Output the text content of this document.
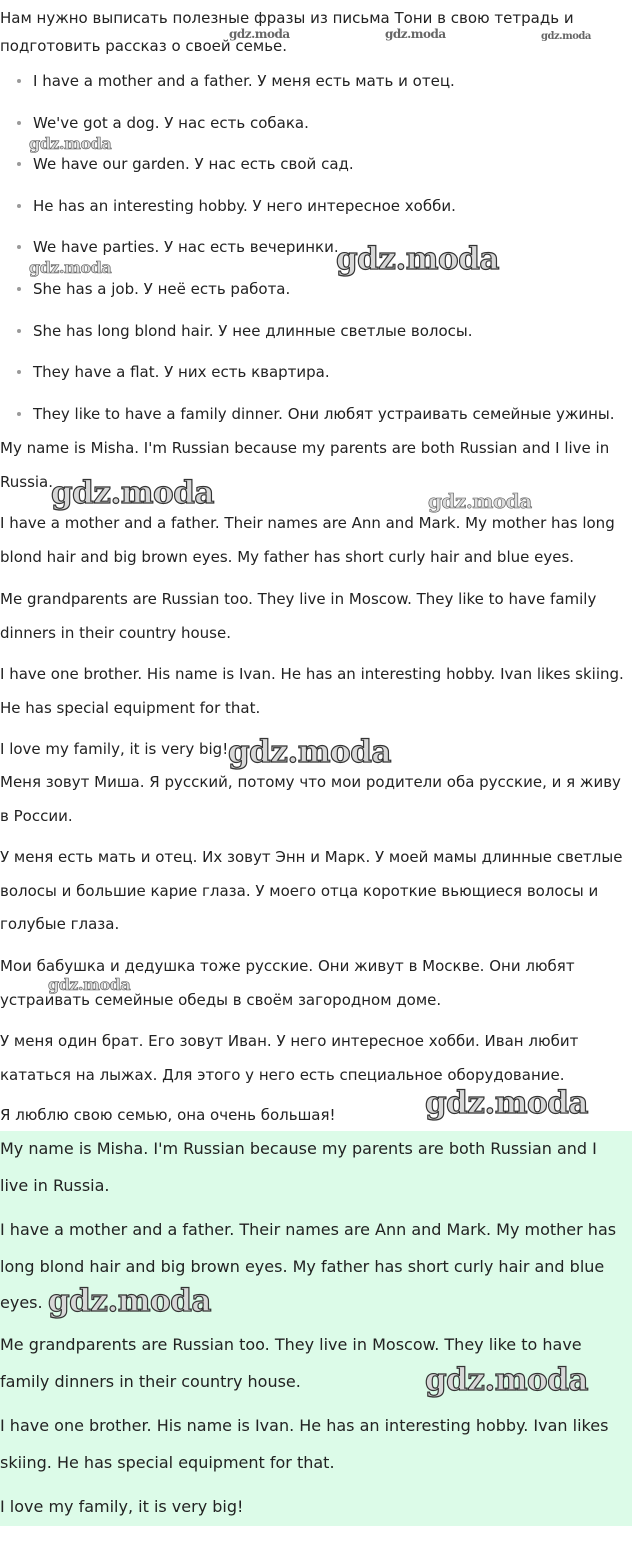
Нам нужно выписать полезные фразы из письма Тони в свою тетрадь и подготовить рассказ о своей семье.

I have a mother and a father. У меня есть мать и отец.
We've got a dog. У нас есть собака.
We have our garden. У нас есть свой сад.
He has an interesting hobby. У него интересное хобби.
We have parties. У нас есть вечеринки.
She has a job. У неё есть работа.
She has long blond hair. У нее длинные светлые волосы.
They have a flat. У них есть квартира.
They like to have a family dinner. Они любят устраивать семейные ужины.

My name is Misha. I'm Russian because my parents are both Russian and I live in Russia.

I have a mother and a father. Their names are Ann and Mark. My mother has long blond hair and big brown eyes. My father has short curly hair and blue eyes.

Me grandparents are Russian too. They live in Moscow. They like to have family dinners in their country house.

I have one brother. His name is Ivan. He has an interesting hobby. Ivan likes skiing. He has special equipment for that.

I love my family, it is very big!

Меня зовут Миша. Я русский, потому что мои родители оба русские, и я живу в России.

У меня есть мать и отец. Их зовут Энн и Марк. У моей мамы длинные светлые волосы и большие карие глаза. У моего отца короткие вьющиеся волосы и голубые глаза.

Мои бабушка и дедушка тоже русские. Они живут в Москве. Они любят устраивать семейные обеды в своём загородном доме.

У меня один брат. Его зовут Иван. У него интересное хобби. Иван любит кататься на лыжах. Для этого у него есть специальное оборудование.

Я люблю свою семью, она очень большая!

My name is Misha. I'm Russian because my parents are both Russian and I live in Russia.

I have a mother and a father. Their names are Ann and Mark. My mother has long blond hair and big brown eyes. My father has short curly hair and blue eyes.

Me grandparents are Russian too. They live in Moscow. They like to have family dinners in their country house.

I have one brother. His name is Ivan. He has an interesting hobby. Ivan likes skiing. He has special equipment for that.

I love my family, it is very big!

gdz.moda	gdz.moda	gdz.moda
gdz.moda
gdz.moda
gdz.moda
gdz.moda	gdz.moda
gdz.moda
gdz.moda
gdz.moda
gdz.moda
gdz.moda
